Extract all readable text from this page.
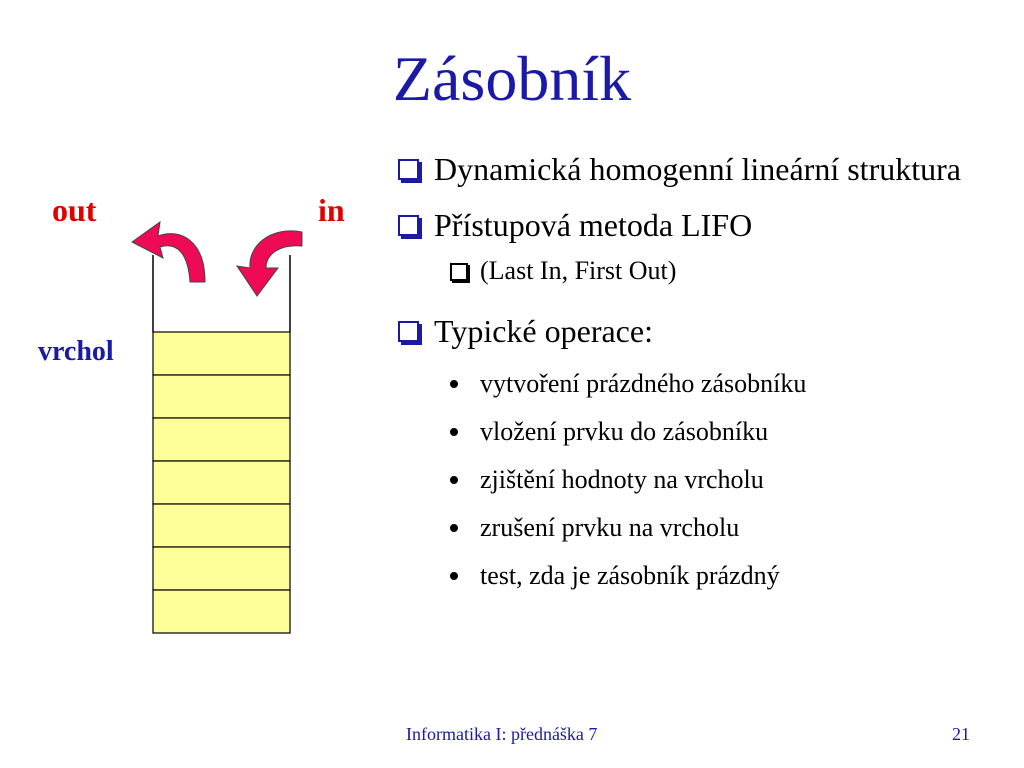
Zásobník
out	in
vrchol
Dynamická homogenní lineární struktura
Přístupová metoda LIFO
(Last In, First Out)
Typické operace:
vytvoření prázdného zásobníku
vložení prvku do zásobníku
zjištění hodnoty na vrcholu
zrušení prvku na vrcholu
test, zda je zásobník prázdný
Informatika I: přednáška 7	21
